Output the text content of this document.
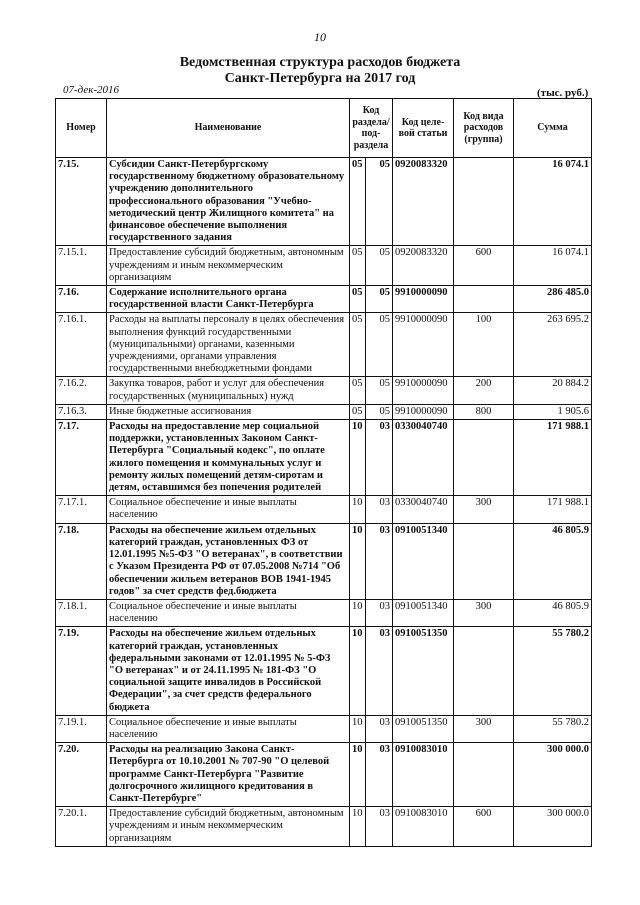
10
Ведомственная структура расходов бюджета
Санкт-Петербурга на 2017 год
07-дек-2016	(тыс. руб.)
Номер	Наименование	Код раздела/ под-раздела		Код целе-вой статьи	Код вида расходов (группа)	Сумма
7.15.	Субсидии Санкт-Петербургскому государственному бюджетному образовательному учреждению дополнительного профессионального образования "Учебно-методический центр Жилищного комитета" на финансовое обеспечение выполнения государственного задания	05	05	0920083320		16 074.1
7.15.1.	Предоставление субсидий бюджетным, автономным учреждениям и иным некоммерческим организациям	05	05	0920083320	600	16 074.1
7.16.	Содержание исполнительного органа государственной власти Санкт-Петербурга	05	05	9910000090		286 485.0
7.16.1.	Расходы на выплаты персоналу в целях обеспечения выполнения функций государственными (муниципальными) органами, казенными учреждениями, органами управления государственными внебюджетными фондами	05	05	9910000090	100	263 695.2
7.16.2.	Закупка товаров, работ и услуг для обеспечения государственных (муниципальных) нужд	05	05	9910000090	200	20 884.2
7.16.3.	Иные бюджетные ассигнования	05	05	9910000090	800	1 905.6
7.17.	Расходы на предоставление мер социальной поддержки, установленных Законом Санкт-Петербурга "Социальный кодекс", по оплате жилого помещения и коммунальных услуг и ремонту жилых помещений детям-сиротам и детям, оставшимся без попечения родителей	10	03	0330040740		171 988.1
7.17.1.	Социальное обеспечение и иные выплаты населению	10	03	0330040740	300	171 988.1
7.18.	Расходы на обеспечение жильем отдельных категорий граждан, установленных ФЗ от 12.01.1995 №5-ФЗ "О ветеранах", в соответствии с Указом Президента РФ от 07.05.2008 №714 "Об обеспечении жильем ветеранов ВОВ 1941-1945 годов" за счет средств фед.бюджета	10	03	0910051340		46 805.9
7.18.1.	Социальное обеспечение и иные выплаты населению	10	03	0910051340	300	46 805.9
7.19.	Расходы на обеспечение жильем отдельных категорий граждан, установленных федеральными законами от 12.01.1995 № 5-ФЗ "О ветеранах" и от 24.11.1995 № 181-ФЗ "О социальной защите инвалидов в Российской Федерации", за счет средств федерального бюджета	10	03	0910051350		55 780.2
7.19.1.	Социальное обеспечение и иные выплаты населению	10	03	0910051350	300	55 780.2
7.20.	Расходы на реализацию Закона Санкт-Петербурга от 10.10.2001 № 707-90 "О целевой программе Санкт-Петербурга "Развитие долгосрочного жилищного кредитования в Санкт-Петербурге"	10	03	0910083010		300 000.0
7.20.1.	Предоставление субсидий бюджетным, автономным учреждениям и иным некоммерческим организациям	10	03	0910083010	600	300 000.0
